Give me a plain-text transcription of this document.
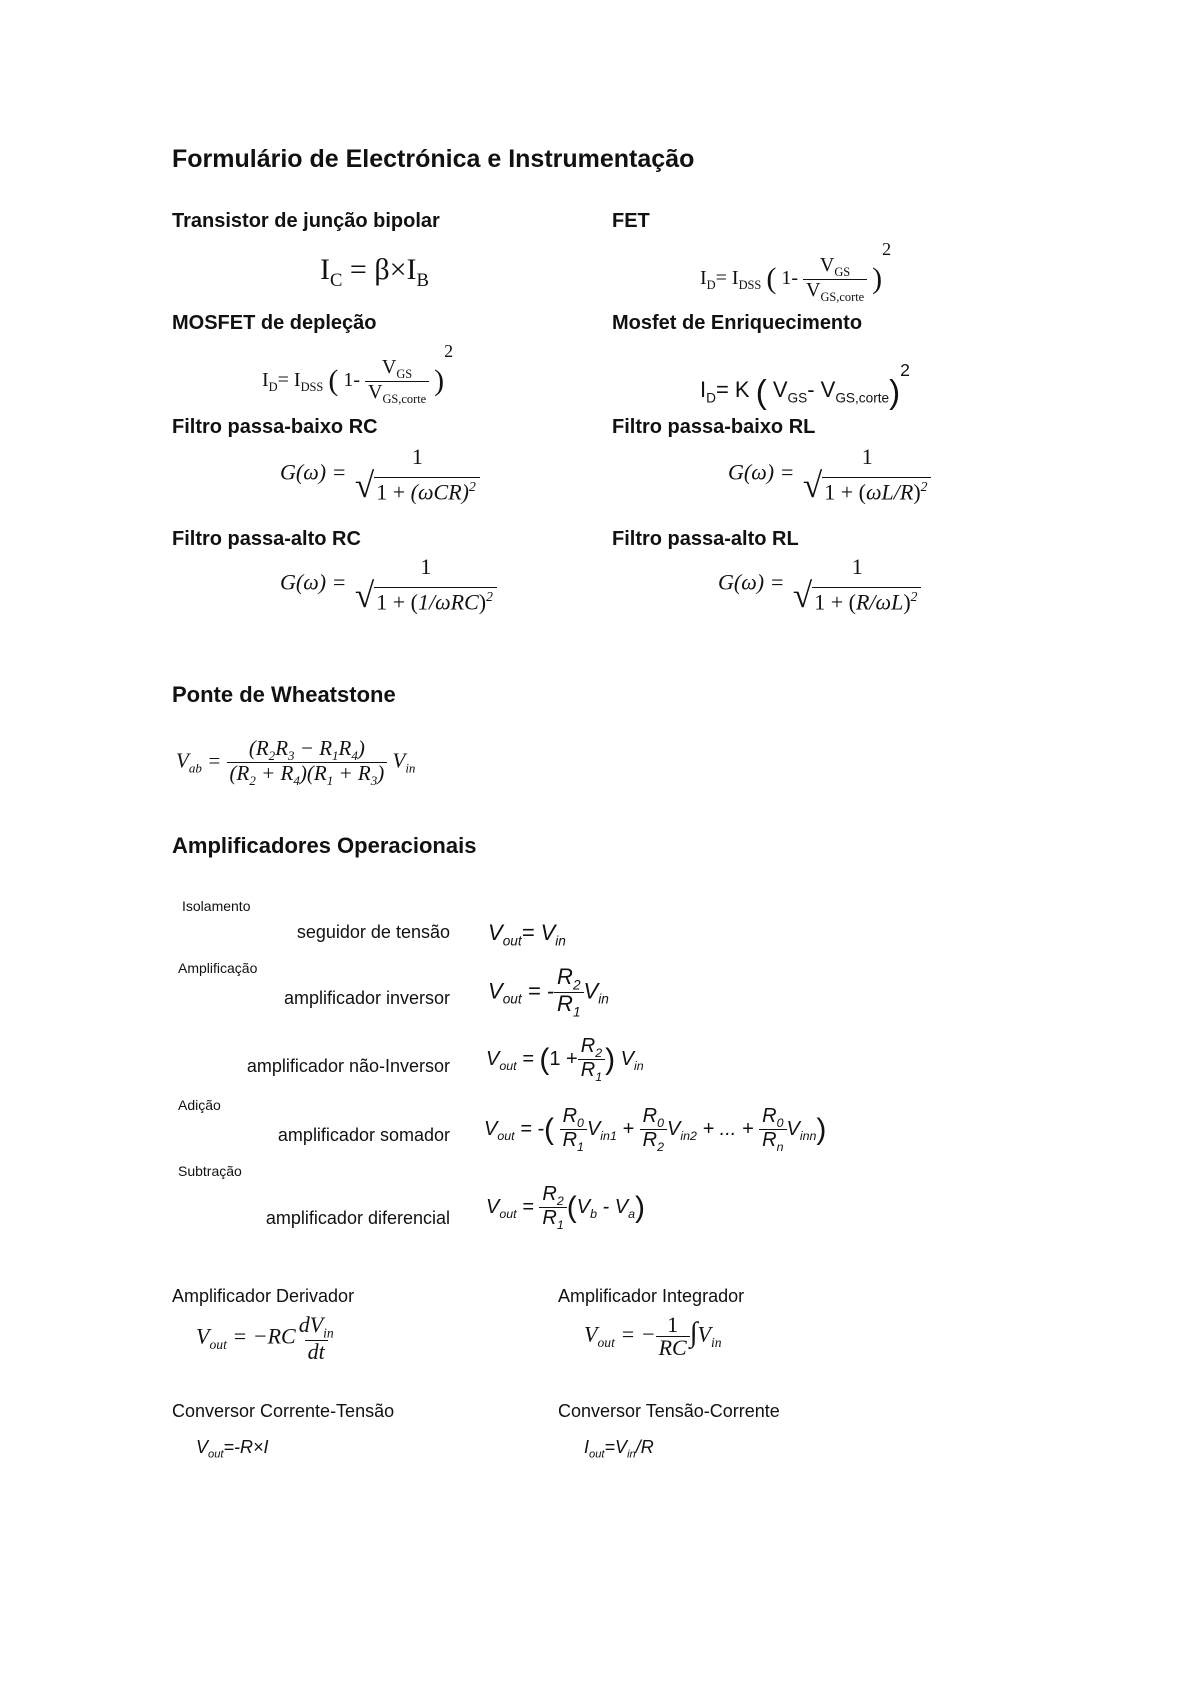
Formulário de Electrónica e Instrumentação
Transistor de junção bipolar
$I_C = \beta\times I_B$
FET
$I_D= I_{DSS}$ ( $1- \frac{V_{GS}}{V_{GS,corte}} )^2$
MOSFET de depleção
$I_D= I_{DSS}$ ( $1- \frac{V_{GS}}{V_{GS,corte}} )^2$
Mosfet de Enriquecimento
$I_D= K$ ( $V_{GS}-$ $V_{GS,corte})^2$
Filtro passa-baixo RC
G(ω) =
1
√ $1 + (\omega CR)^2$
Filtro passa-baixo RL
G(ω) =
1
√ $1 + (\omega L/R)^2$
Filtro passa-alto RC
G(ω) =
1
√ $1 + (1/\omega RC)^2$
Filtro passa-alto RL
G(ω) =
1
√ $1 + (R/\omega L)^2$
Ponte de Wheatstone
$V_{ab} = \frac{(R_2R_3 - R_1R_4)}{(R_2 + R_4)(R_1 + R_3)} V_{in}$
Amplificadores Operacionais
Isolamento
seguidor de tensão $V_{out}= V_{in}$
Amplificação
amplificador inversor $V_{out}$ = - $\frac{R_2}{R_1} V_{in}$
amplificador não-Inversor $V_{out} = (1 + \frac{R_2}{R_1}$ ) $V_{in}$
Adição
amplificador somador $V_{out}$ = -( $\frac{R_0}{R_1} V_{in1} + \frac{R_0}{R_2} V_{in2}$ + ... + $\frac{R_0}{R_n} V_{inn}$)
Subtração
amplificador diferencial $V_{out} = \frac{R_2}{R_1} (V_b - V_a)$
Amplificador Derivador
$V_{out} = -RC \frac{dV_{in}}{dt}$
Amplificador Integrador
$V_{out}$ = − $\frac{1}{RC} \int V_{in}$
Conversor Corrente-Tensão
$V_{out}=-R\times I$
Conversor Tensão-Corrente
$I_{out}=V_{in}/R$
